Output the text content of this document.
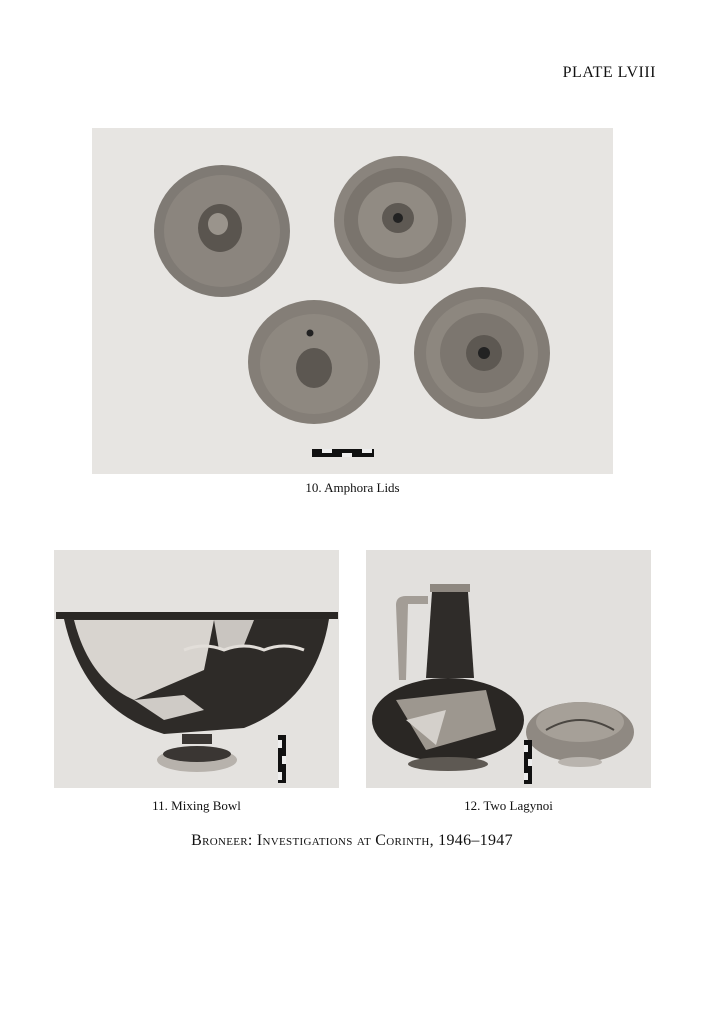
PLATE LVIII
10. Amphora Lids
11. Mixing Bowl	12. Two Lagynoi
Broneer: Investigations at Corinth, 1946–1947
